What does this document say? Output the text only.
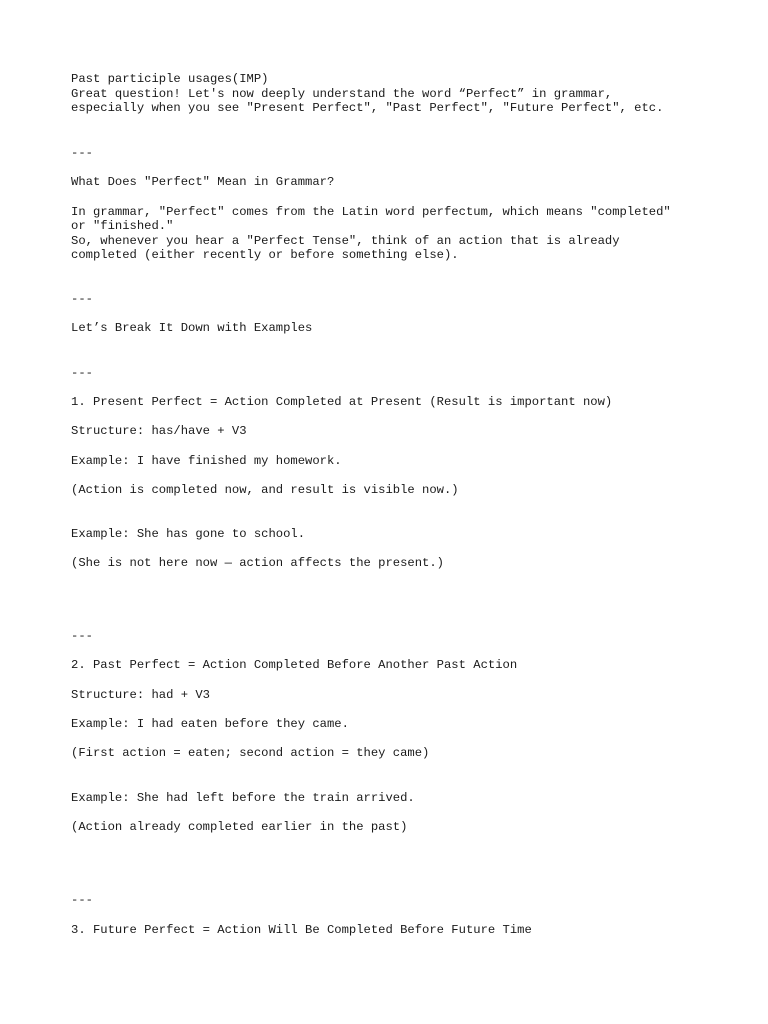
Past participle usages(IMP)

Great question! Let's now deeply understand the word “Perfect” in grammar,

especially when you see "Present Perfect", "Past Perfect", "Future Perfect", etc.

---

What Does "Perfect" Mean in Grammar?

In grammar, "Perfect" comes from the Latin word perfectum, which means "completed"

or "finished."

So, whenever you hear a "Perfect Tense", think of an action that is already

completed (either recently or before something else).

---

Let’s Break It Down with Examples

---

1. Present Perfect = Action Completed at Present (Result is important now)

Structure: has/have + V3

Example: I have finished my homework.

(Action is completed now, and result is visible now.)

Example: She has gone to school.

(She is not here now — action affects the present.)

---

2. Past Perfect = Action Completed Before Another Past Action

Structure: had + V3

Example: I had eaten before they came.

(First action = eaten; second action = they came)

Example: She had left before the train arrived.

(Action already completed earlier in the past)

---

3. Future Perfect = Action Will Be Completed Before Future Time
